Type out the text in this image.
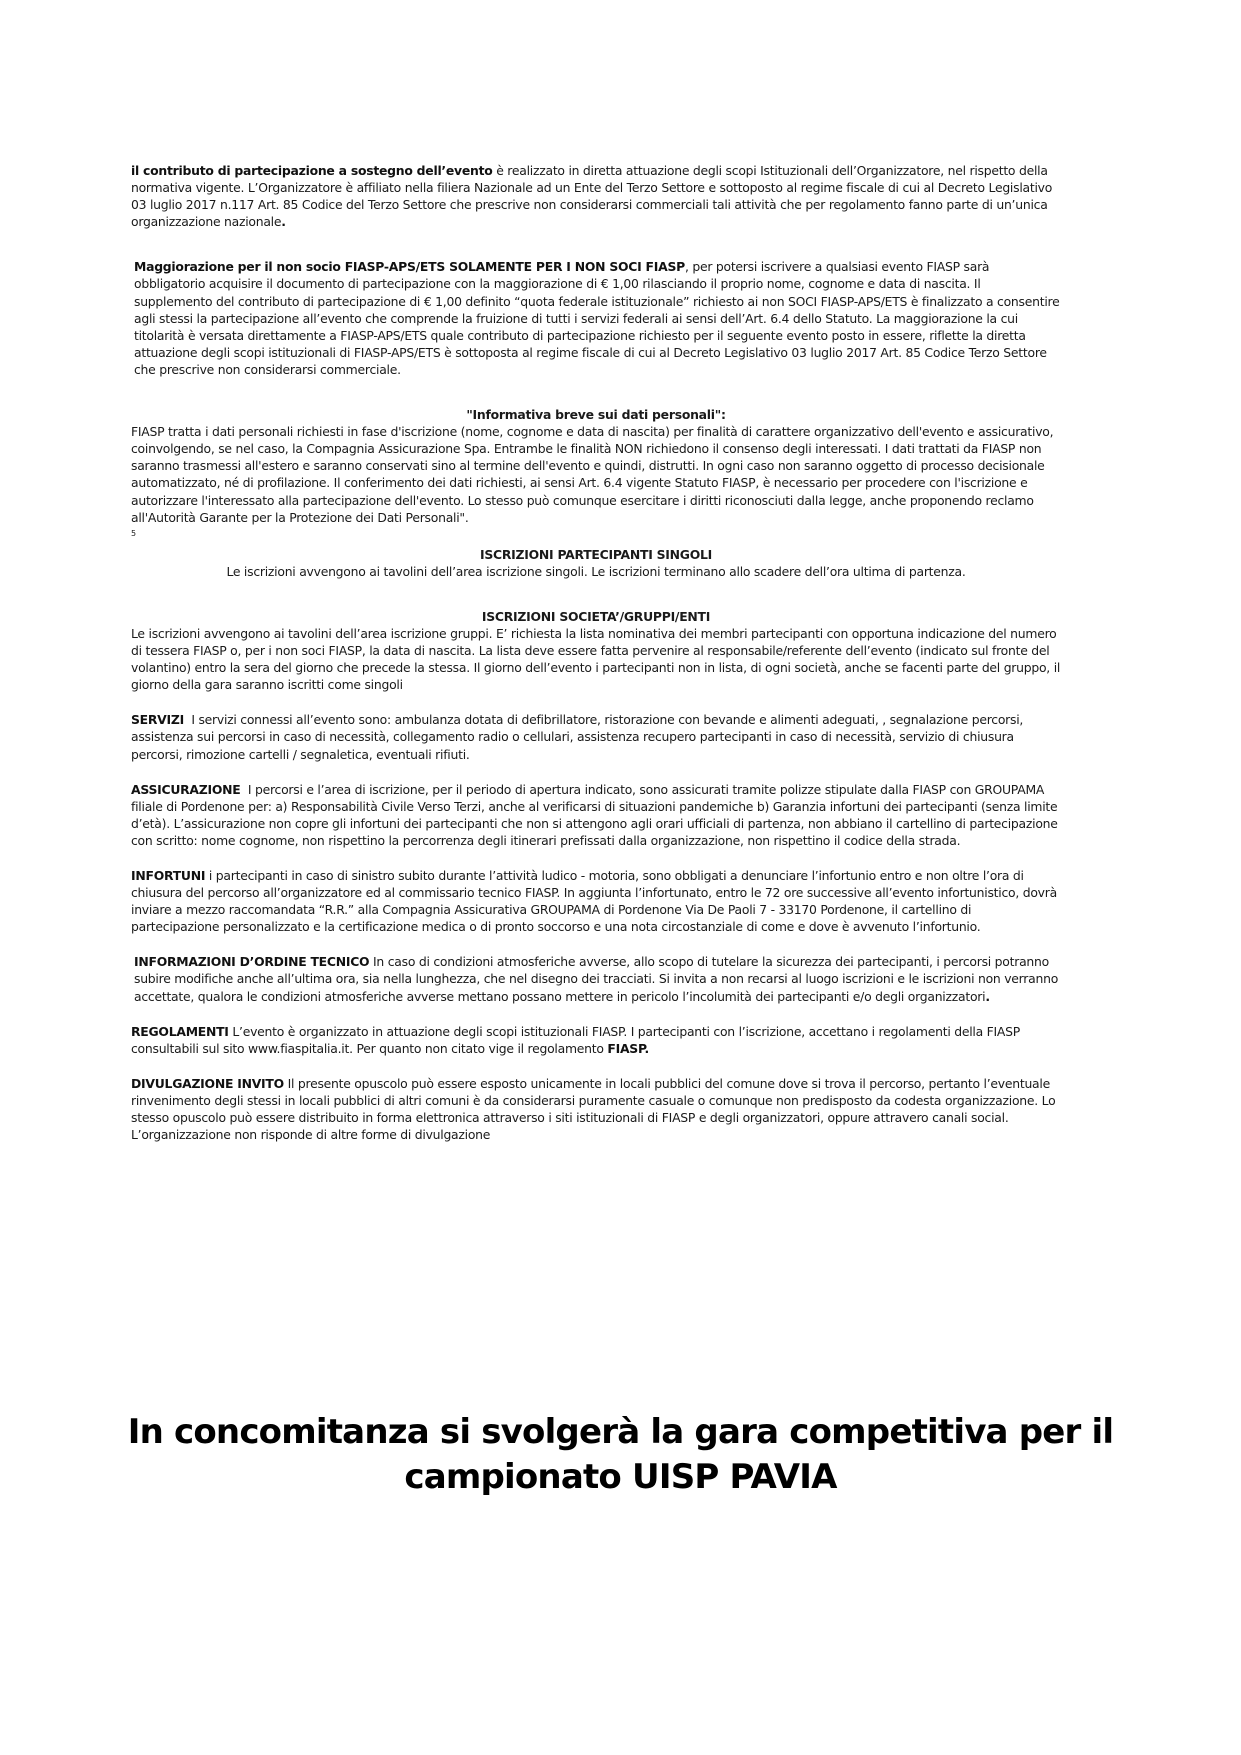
il contributo di partecipazione a sostegno dell’evento è realizzato in diretta attuazione degli scopi Istituzionali dell’Organizzatore, nel rispetto della normativa vigente. L’Organizzatore è affiliato nella filiera Nazionale ad un Ente del Terzo Settore e sottoposto al regime fiscale di cui al Decreto Legislativo 03 luglio 2017 n.117 Art. 85 Codice del Terzo Settore che prescrive non considerarsi commerciali tali attività che per regolamento fanno parte di un’unica organizzazione nazionale.

Maggiorazione per il non socio FIASP-APS/ETS SOLAMENTE PER I NON SOCI FIASP, per potersi iscrivere a qualsiasi evento FIASP sarà obbligatorio acquisire il documento di partecipazione con la maggiorazione di € 1,00 rilasciando il proprio nome, cognome e data di nascita. Il supplemento del contributo di partecipazione di € 1,00 definito “quota federale istituzionale” richiesto ai non SOCI FIASP-APS/ETS è finalizzato a consentire agli stessi la partecipazione all’evento che comprende la fruizione di tutti i servizi federali ai sensi dell’Art. 6.4 dello Statuto. La maggiorazione la cui titolarità è versata direttamente a FIASP-APS/ETS quale contributo di partecipazione richiesto per il seguente evento posto in essere, riflette la diretta attuazione degli scopi istituzionali di FIASP-APS/ETS è sottoposta al regime fiscale di cui al Decreto Legislativo 03 luglio 2017 Art. 85 Codice Terzo Settore che prescrive non considerarsi commerciale.

"Informativa breve sui dati personali":

FIASP tratta i dati personali richiesti in fase d'iscrizione (nome, cognome e data di nascita) per finalità di carattere organizzativo dell'evento e assicurativo, coinvolgendo, se nel caso, la Compagnia Assicurazione Spa. Entrambe le finalità NON richiedono il consenso degli interessati. I dati trattati da FIASP non saranno trasmessi all'estero e saranno conservati sino al termine dell'evento e quindi, distrutti. In ogni caso non saranno oggetto di processo decisionale automatizzato, né di profilazione. Il conferimento dei dati richiesti, ai sensi Art. 6.4 vigente Statuto FIASP, è necessario per procedere con l'iscrizione e autorizzare l'interessato alla partecipazione dell'evento. Lo stesso può comunque esercitare i diritti riconosciuti dalla legge, anche proponendo reclamo all'Autorità Garante per la Protezione dei Dati Personali".

5

ISCRIZIONI PARTECIPANTI SINGOLI

Le iscrizioni avvengono ai tavolini dell’area iscrizione singoli. Le iscrizioni terminano allo scadere dell’ora ultima di partenza.

ISCRIZIONI SOCIETA’/GRUPPI/ENTI

Le iscrizioni avvengono ai tavolini dell’area iscrizione gruppi. E’ richiesta la lista nominativa dei membri partecipanti con opportuna indicazione del numero di tessera FIASP o, per i non soci FIASP, la data di nascita. La lista deve essere fatta pervenire al responsabile/referente dell’evento (indicato sul fronte del volantino) entro la sera del giorno che precede la stessa. Il giorno dell’evento i partecipanti non in lista, di ogni società, anche se facenti parte del gruppo, il giorno della gara saranno iscritti come singoli

SERVIZI  I servizi connessi all’evento sono: ambulanza dotata di defibrillatore, ristorazione con bevande e alimenti adeguati, , segnalazione percorsi, assistenza sui percorsi in caso di necessità, collegamento radio o cellulari, assistenza recupero partecipanti in caso di necessità, servizio di chiusura percorsi, rimozione cartelli / segnaletica, eventuali rifiuti.

ASSICURAZIONE  I percorsi e l’area di iscrizione, per il periodo di apertura indicato, sono assicurati tramite polizze stipulate dalla FIASP con GROUPAMA filiale di Pordenone per: a) Responsabilità Civile Verso Terzi, anche al verificarsi di situazioni pandemiche b) Garanzia infortuni dei partecipanti (senza limite d’età). L’assicurazione non copre gli infortuni dei partecipanti che non si attengono agli orari ufficiali di partenza, non abbiano il cartellino di partecipazione con scritto: nome cognome, non rispettino la percorrenza degli itinerari prefissati dalla organizzazione, non rispettino il codice della strada.

INFORTUNI i partecipanti in caso di sinistro subito durante l’attività ludico - motoria, sono obbligati a denunciare l’infortunio entro e non oltre l’ora di chiusura del percorso all’organizzatore ed al commissario tecnico FIASP. In aggiunta l’infortunato, entro le 72 ore successive all’evento infortunistico, dovrà inviare a mezzo raccomandata “R.R.” alla Compagnia Assicurativa GROUPAMA di Pordenone Via De Paoli 7 - 33170 Pordenone, il cartellino di partecipazione personalizzato e la certificazione medica o di pronto soccorso e una nota circostanziale di come e dove è avvenuto l’infortunio.

INFORMAZIONI D’ORDINE TECNICO In caso di condizioni atmosferiche avverse, allo scopo di tutelare la sicurezza dei partecipanti, i percorsi potranno subire modifiche anche all’ultima ora, sia nella lunghezza, che nel disegno dei tracciati. Si invita a non recarsi al luogo iscrizioni e le iscrizioni non verranno accettate, qualora le condizioni atmosferiche avverse mettano possano mettere in pericolo l’incolumità dei partecipanti e/o degli organizzatori.

REGOLAMENTI L’evento è organizzato in attuazione degli scopi istituzionali FIASP. I partecipanti con l’iscrizione, accettano i regolamenti della FIASP consultabili sul sito www.fiaspitalia.it. Per quanto non citato vige il regolamento FIASP.

DIVULGAZIONE INVITO Il presente opuscolo può essere esposto unicamente in locali pubblici del comune dove si trova il percorso, pertanto l’eventuale rinvenimento degli stessi in locali pubblici di altri comuni è da considerarsi puramente casuale o comunque non predisposto da codesta organizzazione. Lo stesso opuscolo può essere distribuito in forma elettronica attraverso i siti istituzionali di FIASP e degli organizzatori, oppure attravero canali social. L’organizzazione non risponde di altre forme di divulgazione

In concomitanza si svolgerà la gara competitiva per il
campionato UISP PAVIA
